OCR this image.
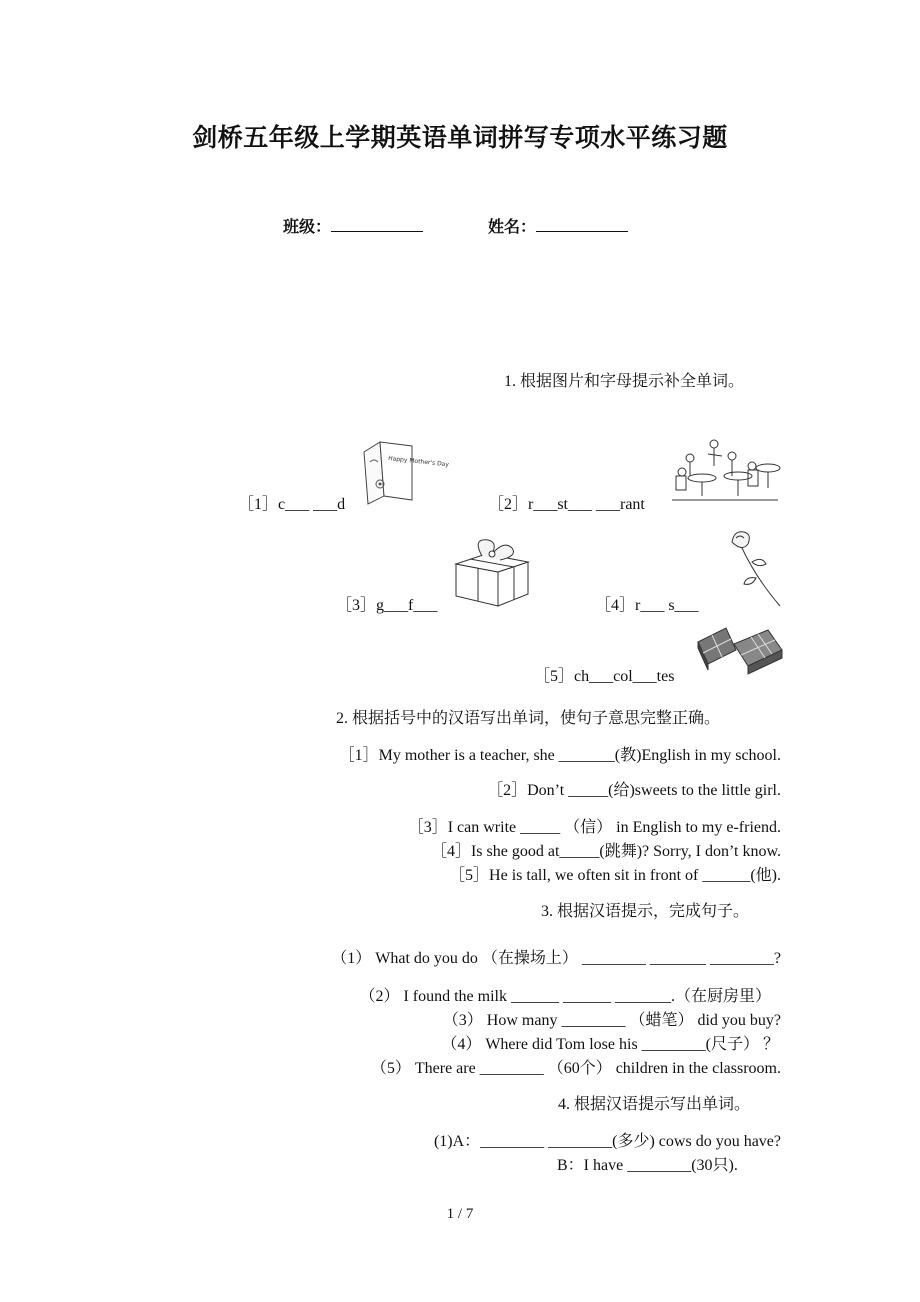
剑桥五年级上学期英语单词拼写专项水平练习题
班级：	姓名：
1. 根据图片和字母提示补全单词。
［1］c___ ___d	［2］r___st___ ___rant
［3］g___f___	［4］r___ s___
［5］ch___col___tes
Happy Mother's Day
2. 根据括号中的汉语写出单词，使句子意思完整正确。
［1］My mother is a teacher, she _______(教)English in my school.
［2］Don’t _____(给)sweets to the little girl.
［3］I can write _____ （信） in English to my e-friend.
［4］Is she good at_____(跳舞)? Sorry, I don’t know.
［5］He is tall, we often sit in front of ______(他).
3. 根据汉语提示，完成句子。
（1） What do you do （在操场上） ________ _______ ________?
（2） I found the milk ______ ______ _______.（在厨房里）
（3） How many ________ （蜡笔） did you buy?
（4） Where did Tom lose his ________(尺子） ？
（5） There are ________ （60个） children in the classroom.
4. 根据汉语提示写出单词。
(1)A：________ ________(多少) cows do you have?
B：I have ________(30只).
1 / 7
